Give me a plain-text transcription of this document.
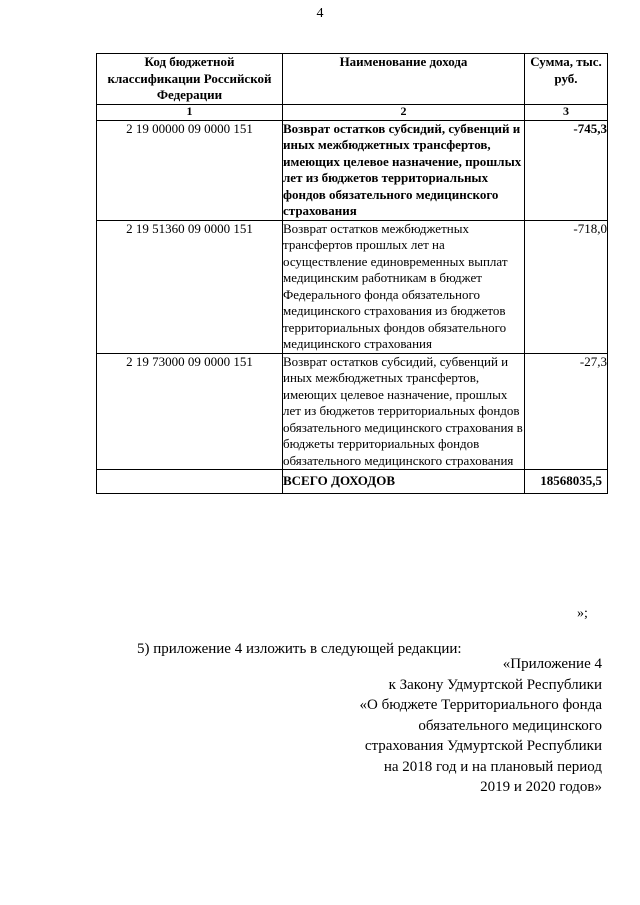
4
Код бюджетной классификации Российской Федерации	Наименование дохода	Сумма, тыс. руб.
1	2	3
2 19 00000 09 0000 151	Возврат остатков субсидий, субвенций и иных межбюджетных трансфертов, имеющих целевое назначение, прошлых лет из бюджетов территориальных фондов обязательного медицинского страхования	-745,3
2 19 51360 09 0000 151	Возврат остатков межбюджетных трансфертов прошлых лет на осуществление единовременных выплат медицинским работникам в бюджет Федерального фонда обязательного медицинского страхования из бюджетов территориальных фондов обязательного медицинского страхования	-718,0
2 19 73000 09 0000 151	Возврат остатков субсидий, субвенций и иных межбюджетных трансфертов, имеющих целевое назначение, прошлых лет из бюджетов территориальных фондов обязательного медицинского страхования в бюджеты территориальных фондов обязательного медицинского страхования	-27,3
	ВСЕГО ДОХОДОВ	18568035,5
»;
5) приложение 4 изложить в следующей редакции:
«Приложение 4
к Закону Удмуртской Республики
«О бюджете Территориального фонда
обязательного медицинского
страхования Удмуртской Республики
на 2018 год и на плановый период
2019 и 2020 годов»
